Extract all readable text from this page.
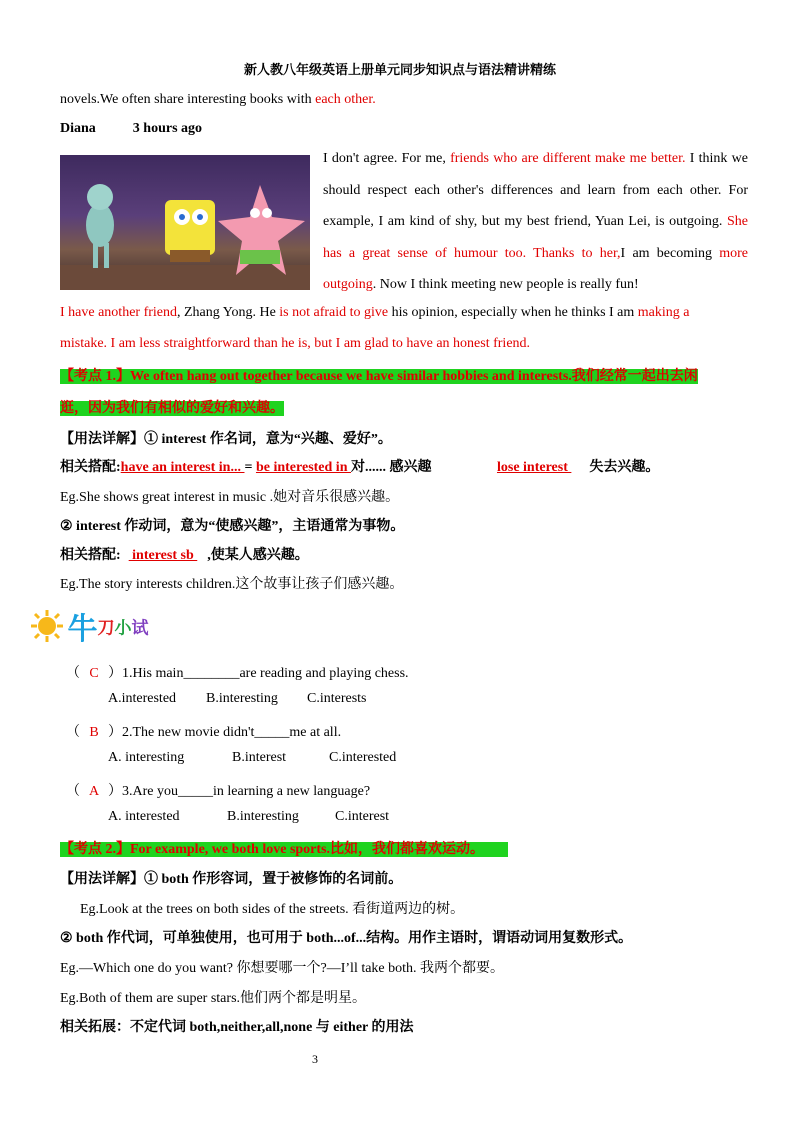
新人教八年级英语上册单元同步知识点与语法精讲精练
novels.We often share interesting books with each other.
Diana	3 hours ago
I don't agree. For me, friends who are different make me better. I think we should respect each other's differences and learn from each other. For example, I am kind of shy, but my best friend, Yuan Lei, is outgoing. She has a great sense of humour too. Thanks to her,I am becoming more outgoing. Now I think meeting new people is really fun!
I have another friend, Zhang Yong. He is not afraid to give his opinion, especially when he thinks I am making a
mistake. I am less straightforward than he is, but I am glad to have an honest friend.
【考点 1.】We often hang out together because we have similar hobbies and interests.我们经常一起出去闲
逛，因为我们有相似的爱好和兴趣。
【用法详解】① interest 作名词，意为“兴趣、爱好”。
相关搭配:have an interest in... = be interested in 对...... 感兴趣	lose interest 失去兴趣。
Eg.She shows great interest in music .她对音乐很感兴趣。
② interest 作动词，意为“使感兴趣”，主语通常为事物。
相关搭配: interest sb ,使某人感兴趣。
Eg.The story interests children.这个故事让孩子们感兴趣。
牛刀小试
（ C ）1.His main________are reading and playing chess.
A.interested B.interesting C.interests
（ B ）2.The new movie didn't_____me at all.
A. interesting	B.interest	C.interested
（ A ）3.Are you_____in learning a new language?
A. interested	B.interesting	C.interest
【考点 2.】For example, we both love sports.比如，我们都喜欢运动。
【用法详解】① both 作形容词，置于被修饰的名词前。
Eg.Look at the trees on both sides of the streets. 看街道两边的树。
② both 作代词，可单独使用，也可用于 both...of...结构。用作主语时，谓语动词用复数形式。
Eg.—Which one do you want? 你想要哪一个?—I’ll take both. 我两个都要。
Eg.Both of them are super stars.他们两个都是明星。
相关拓展：不定代词 both,neither,all,none 与 either 的用法
3
